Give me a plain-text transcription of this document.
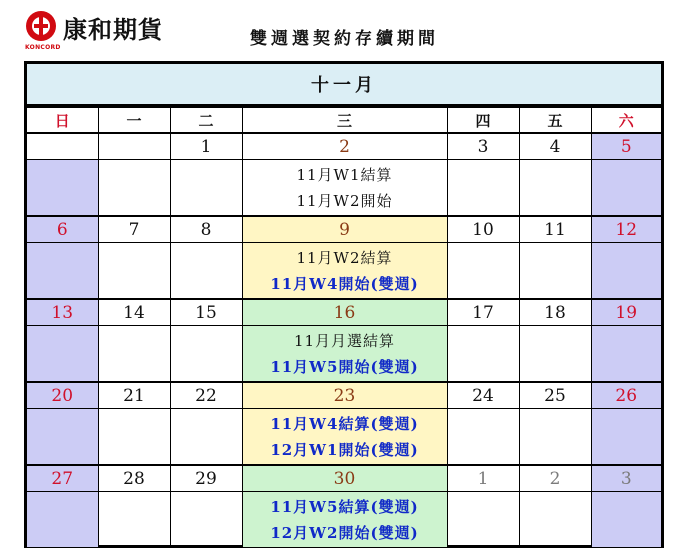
康和期貨
KONCORD	雙週選契約存續期間
十一月
日	一	二	三	四	五	六
		1	2	3	4	5

			11月W1結算
11月W2開始			

6	7	8	9	10	11	12

			11月W2結算
11月W4開始(雙週)			

13	14	15	16	17	18	19

			11月月選結算
11月W5開始(雙週)			

20	21	22	23	24	25	26

			11月W4結算(雙週)
12月W1開始(雙週)			

27	28	29	30	1	2	3

			11月W5結算(雙週)
12月W2開始(雙週)			
